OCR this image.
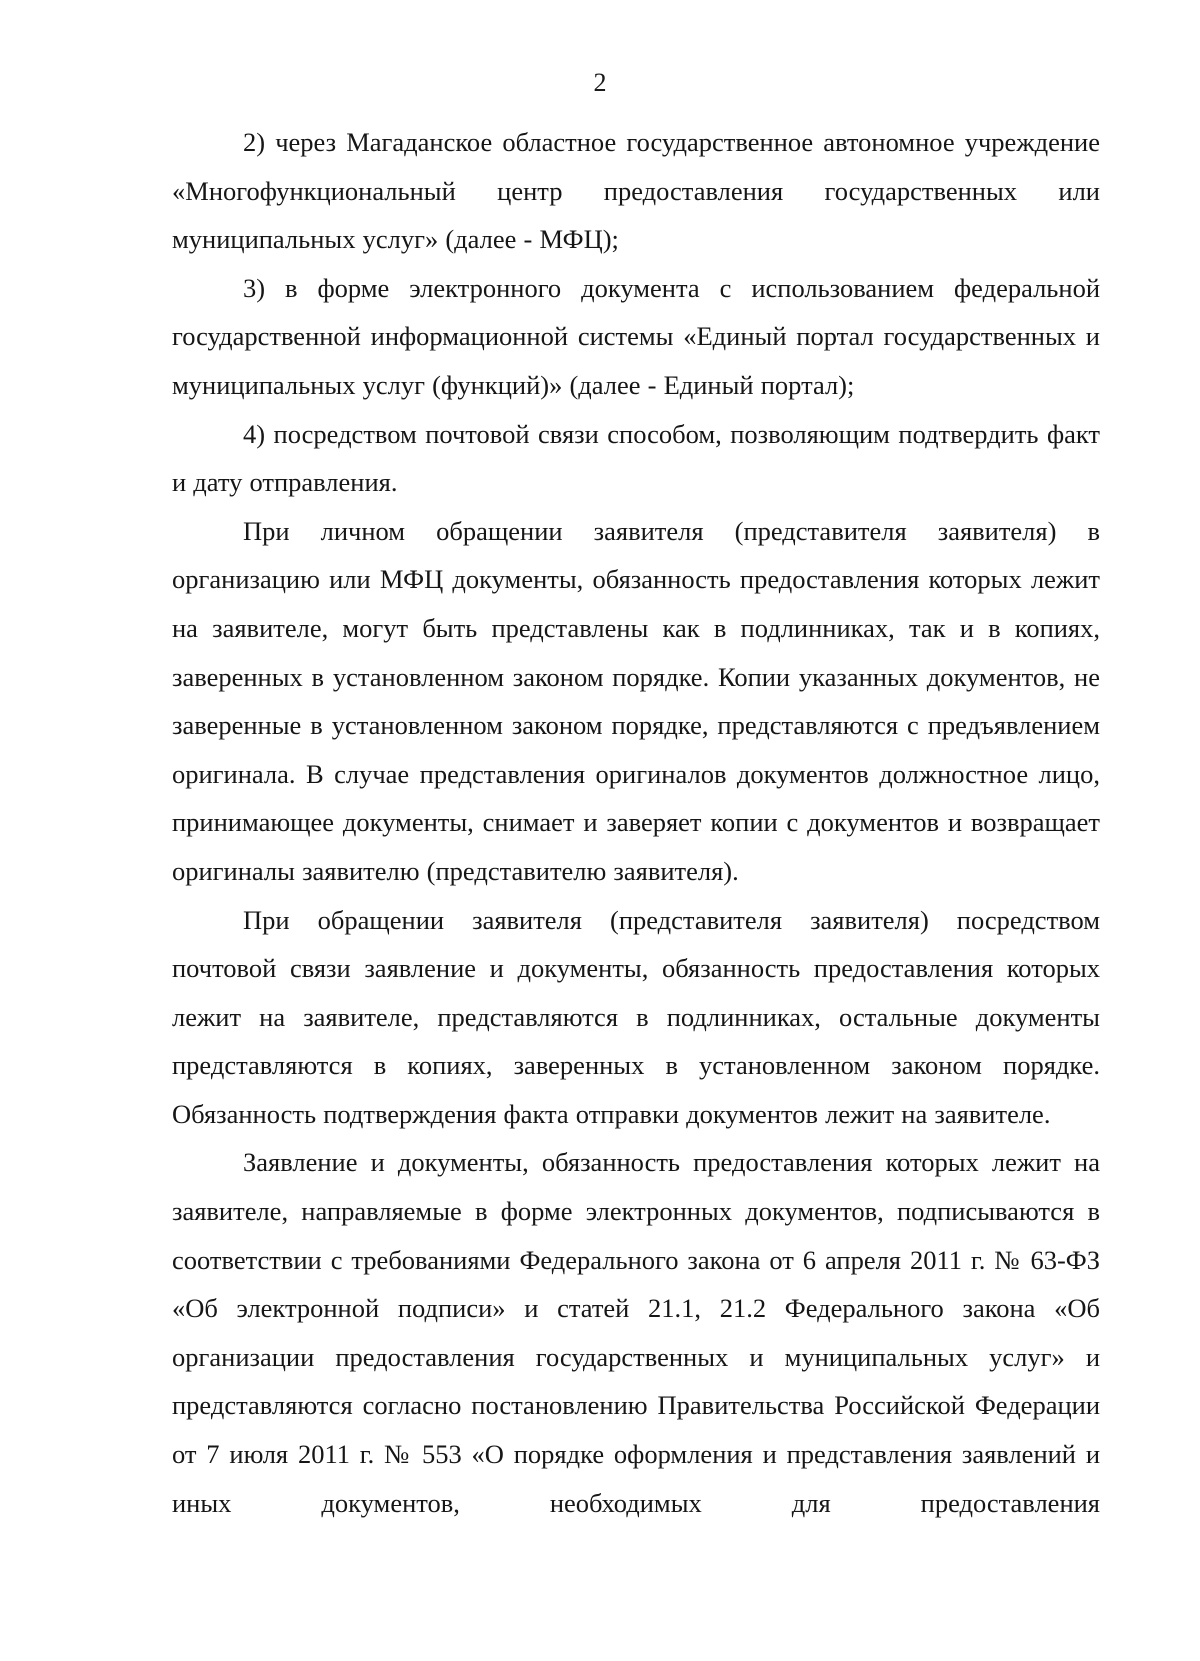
2

2) через Магаданское областное государственное автономное учреждение «Многофункциональный центр предоставления государственных или муниципальных услуг» (далее - МФЦ);

3) в форме электронного документа с использованием федеральной государственной информационной системы «Единый портал государственных и муниципальных услуг (функций)» (далее - Единый портал);

4) посредством почтовой связи способом, позволяющим подтвердить факт и дату отправления.

При личном обращении заявителя (представителя заявителя) в организацию или МФЦ документы, обязанность предоставления которых лежит на заявителе, могут быть представлены как в подлинниках, так и в копиях, заверенных в установленном законом порядке. Копии указанных документов, не заверенные в установленном законом порядке, представляются с предъявлением оригинала. В случае представления оригиналов документов должностное лицо, принимающее документы, снимает и заверяет копии с документов и возвращает оригиналы заявителю (представителю заявителя).

При обращении заявителя (представителя заявителя) посредством почтовой связи заявление и документы, обязанность предоставления которых лежит на заявителе, представляются в подлинниках, остальные документы представляются в копиях, заверенных в установленном законом порядке. Обязанность подтверждения факта отправки документов лежит на заявителе.

Заявление и документы, обязанность предоставления которых лежит на заявителе, направляемые в форме электронных документов, подписываются в соответствии с требованиями Федерального закона от 6 апреля 2011 г. № 63-ФЗ «Об электронной подписи» и статей 21.1, 21.2 Федерального закона «Об организации предоставления государственных и муниципальных услуг» и представляются согласно постановлению Правительства Российской Федерации от 7 июля 2011 г. № 553 «О порядке оформления и представления заявлений и иных документов, необходимых для предоставления
